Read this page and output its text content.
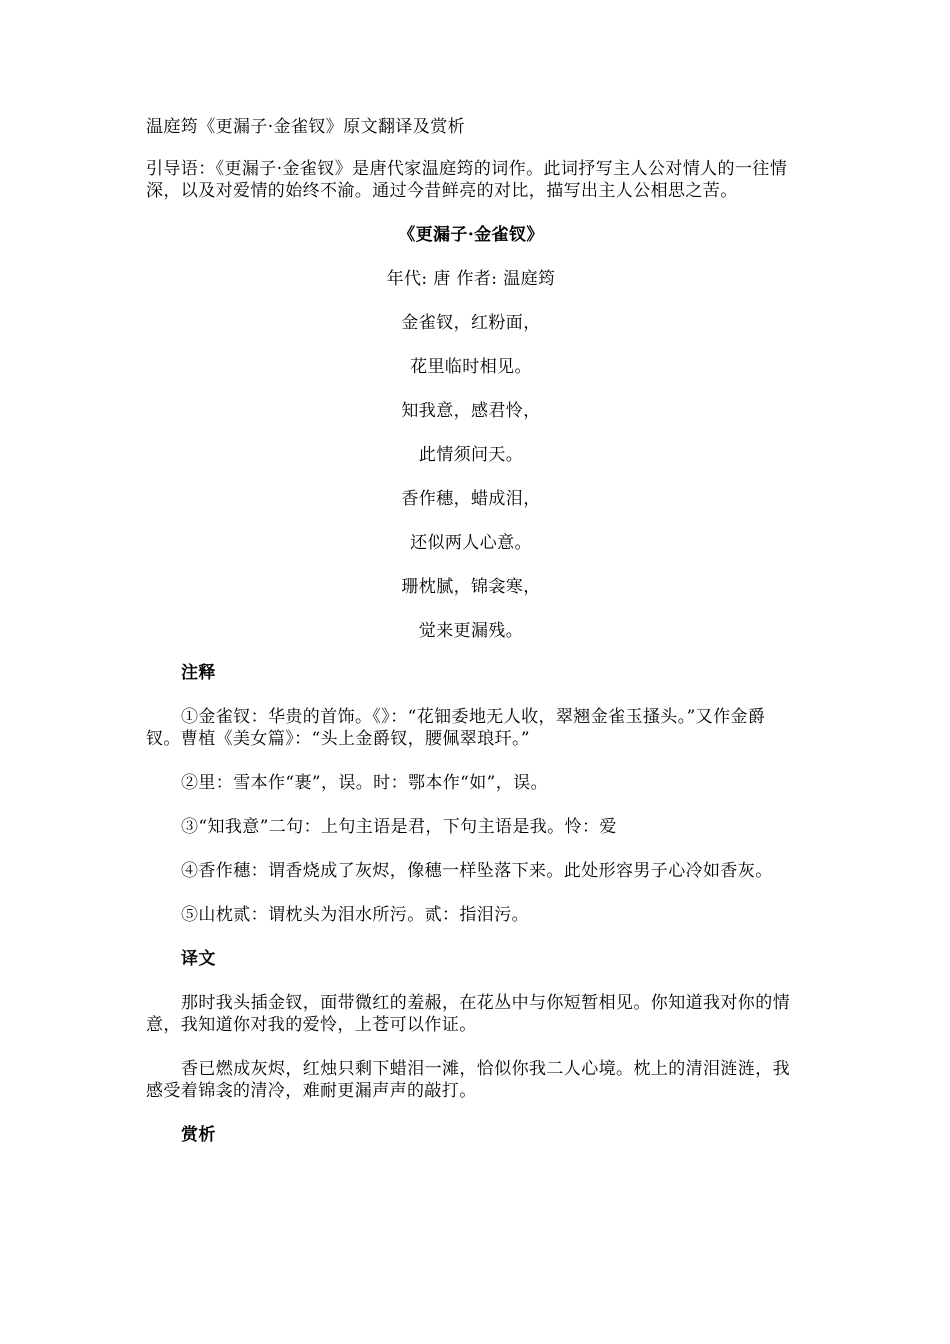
温庭筠《更漏子·金雀钗》原文翻译及赏析

引导语：《更漏子·金雀钗》是唐代家温庭筠的词作。此词抒写主人公对情人的一往情深，以及对爱情的始终不渝。通过今昔鲜亮的对比，描写出主人公相思之苦。

《更漏子·金雀钗》

年代: 唐 作者: 温庭筠

金雀钗，红粉面，

花里临时相见。

知我意，感君怜，

此情须问天。

香作穗，蜡成泪，

还似两人心意。

珊枕腻，锦衾寒，

觉来更漏残。

注释

①金雀钗：华贵的首饰。《》：“花钿委地无人收，翠翘金雀玉搔头。”又作金爵钗。曹植《美女篇》：“头上金爵钗，腰佩翠琅玕。”

②里：雪本作“裹”，误。时：鄂本作“如”，误。

③“知我意”二句：上句主语是君，下句主语是我。怜：爱

④香作穗：谓香烧成了灰烬，像穗一样坠落下来。此处形容男子心冷如香灰。

⑤山枕贰：谓枕头为泪水所污。贰：指泪污。

译文

那时我头插金钗，面带微红的羞赧，在花丛中与你短暂相见。你知道我对你的情意，我知道你对我的爱怜，上苍可以作证。

香已燃成灰烬，红烛只剩下蜡泪一滩，恰似你我二人心境。枕上的清泪涟涟，我感受着锦衾的清冷，难耐更漏声声的敲打。

赏析
